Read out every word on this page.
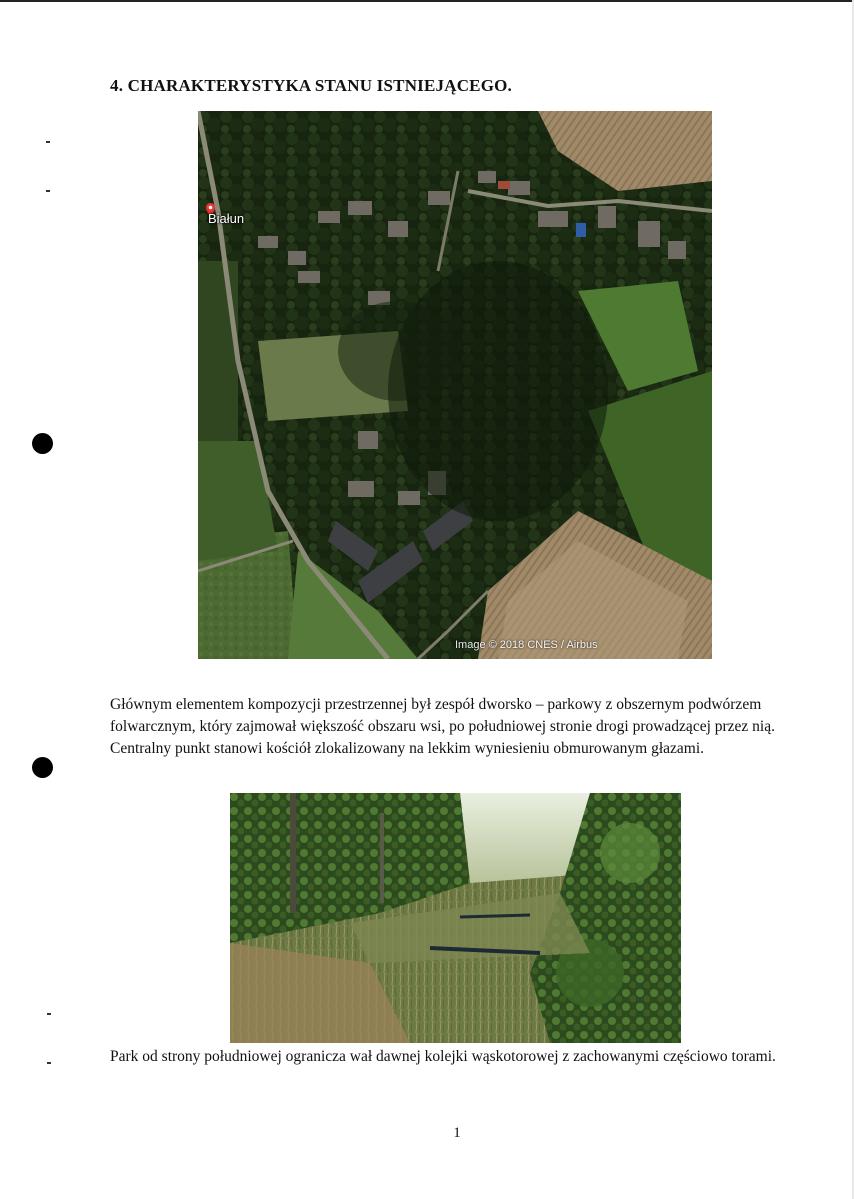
4. CHARAKTERYSTYKA STANU ISTNIEJĄCEGO.
Białun
Image © 2018 CNES / Airbus

Głównym elementem kompozycji przestrzennej był zespół dworsko – parkowy z obszernym podwórzem folwarcznym, który zajmował większość obszaru wsi, po południowej stronie drogi prowadzącej przez nią. Centralny punkt stanowi kościół zlokalizowany na lekkim wyniesieniu obmurowanym głazami.

Park od strony południowej ogranicza wał dawnej kolejki wąskotorowej z zachowanymi częściowo torami.

1
